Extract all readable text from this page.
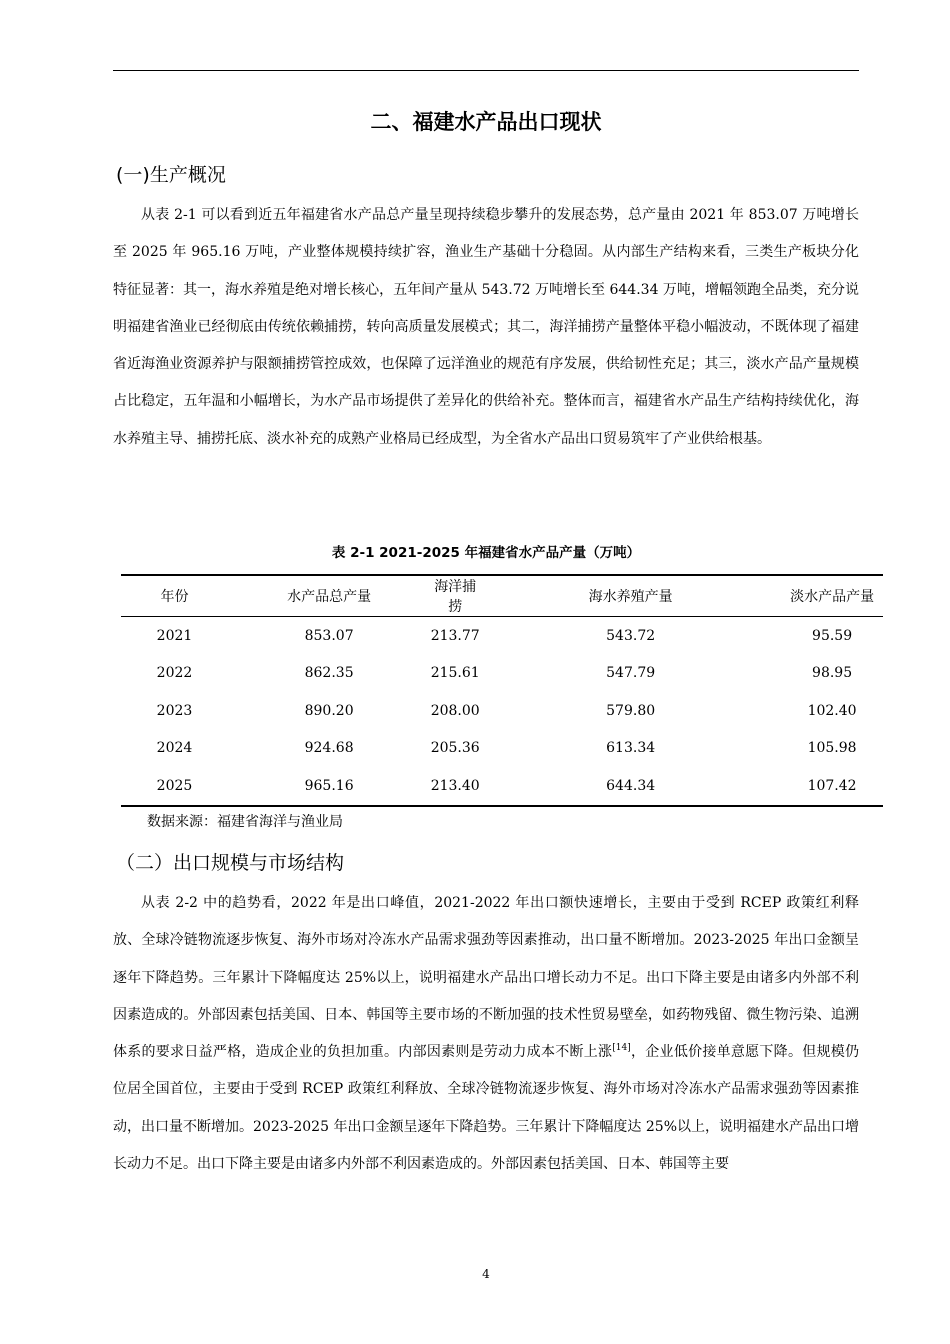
二、福建水产品出口现状
(一)生产概况

从表 2-1 可以看到近五年福建省水产品总产量呈现持续稳步攀升的发展态势，总产量由 2021 年 853.07 万吨增长至 2025 年 965.16 万吨，产业整体规模持续扩容，渔业生产基础十分稳固。从内部生产结构来看，三类生产板块分化特征显著：其一，海水养殖是绝对增长核心，五年间产量从 543.72 万吨增长至 644.34 万吨，增幅领跑全品类，充分说明福建省渔业已经彻底由传统依赖捕捞，转向高质量发展模式；其二，海洋捕捞产量整体平稳小幅波动，不既体现了福建省近海渔业资源养护与限额捕捞管控成效，也保障了远洋渔业的规范有序发展，供给韧性充足；其三，淡水产品产量规模占比稳定，五年温和小幅增长，为水产品市场提供了差异化的供给补充。整体而言，福建省水产品生产结构持续优化，海水养殖主导、捕捞托底、淡水补充的成熟产业格局已经成型，为全省水产品出口贸易筑牢了产业供给根基。

表 2-1 2021-2025 年福建省水产品产量（万吨）

年份	水产品总产量	海洋捕捞	海水养殖产量	淡水产品产量
2021	853.07	213.77	543.72	95.59
2022	862.35	215.61	547.79	98.95
2023	890.20	208.00	579.80	102.40
2024	924.68	205.36	613.34	105.98
2025	965.16	213.40	644.34	107.42

数据来源：福建省海洋与渔业局

（二）出口规模与市场结构

从表 2-2 中的趋势看，2022 年是出口峰值，2021-2022 年出口额快速增长，主要由于受到 RCEP 政策红利释放、全球冷链物流逐步恢复、海外市场对冷冻水产品需求强劲等因素推动，出口量不断增加。2023-2025 年出口金额呈逐年下降趋势。三年累计下降幅度达 25%以上，说明福建水产品出口增长动力不足。出口下降主要是由诸多内外部不利因素造成的。外部因素包括美国、日本、韩国等主要市场的不断加强的技术性贸易壁垒，如药物残留、微生物污染、追溯体系的要求日益严格，造成企业的负担加重。内部因素则是劳动力成本不断上涨[14]，企业低价接单意愿下降。但规模仍位居全国首位，主要由于受到 RCEP 政策红利释放、全球冷链物流逐步恢复、海外市场对冷冻水产品需求强劲等因素推动，出口量不断增加。2023-2025 年出口金额呈逐年下降趋势。三年累计下降幅度达 25%以上，说明福建水产品出口增长动力不足。出口下降主要是由诸多内外部不利因素造成的。外部因素包括美国、日本、韩国等主要

4
